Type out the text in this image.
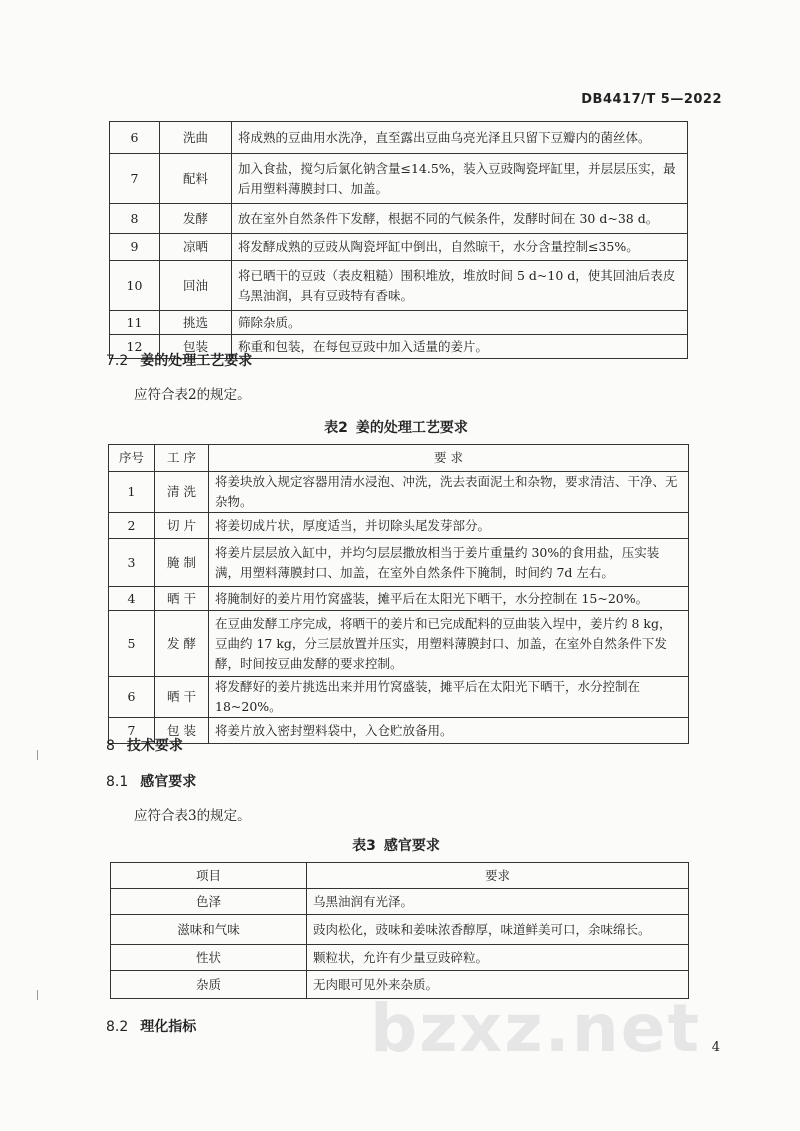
DB4417/T 5—2022
6	洗曲	将成熟的豆曲用水洗净，直至露出豆曲乌亮光泽且只留下豆瓣内的菌丝体。
7	配料	加入食盐，搅匀后氯化钠含量≤14.5%，装入豆豉陶瓷坪缸里，并层层压实，最后用塑料薄膜封口、加盖。
8	发酵	放在室外自然条件下发酵，根据不同的气候条件，发酵时间在 30 d~38 d。
9	凉晒	将发酵成熟的豆豉从陶瓷坪缸中倒出，自然晾干，水分含量控制≤35%。
10	回油	将已晒干的豆豉（表皮粗糙）围积堆放，堆放时间 5 d~10 d，使其回油后表皮乌黑油润，具有豆豉特有香味。
11	挑选	筛除杂质。
12	包装	称重和包装，在每包豆豉中加入适量的姜片。
7.2 姜的处理工艺要求
应符合表2的规定。
表2 姜的处理工艺要求
序号	工 序	要 求
1	清 洗	将姜块放入规定容器用清水浸泡、冲洗，洗去表面泥土和杂物，要求清洁、干净、无杂物。
2	切 片	将姜切成片状，厚度适当，并切除头尾发芽部分。
3	腌 制	将姜片层层放入缸中，并均匀层层撒放相当于姜片重量约 30%的食用盐，压实装满，用塑料薄膜封口、加盖，在室外自然条件下腌制，时间约 7d 左右。
4	晒 干	将腌制好的姜片用竹窝盛装，摊平后在太阳光下晒干，水分控制在 15~20%。
5	发 酵	在豆曲发酵工序完成，将晒干的姜片和已完成配料的豆曲装入埕中，姜片约 8 kg，豆曲约 17 kg，分三层放置并压实，用塑料薄膜封口、加盖，在室外自然条件下发酵，时间按豆曲发酵的要求控制。
6	晒 干	将发酵好的姜片挑选出来并用竹窝盛装，摊平后在太阳光下晒干，水分控制在 18~20%。
7	包 装	将姜片放入密封塑料袋中，入仓贮放备用。
8 技术要求
8.1 感官要求
应符合表3的规定。
表3 感官要求
项目	要求
色泽	乌黑油润有光泽。
滋味和气味	豉肉松化，豉味和姜味浓香醇厚，味道鲜美可口，余味绵长。
性状	颗粒状，允许有少量豆豉碎粒。
杂质	无肉眼可见外来杂质。
8.2 理化指标	bzxz.net 4
